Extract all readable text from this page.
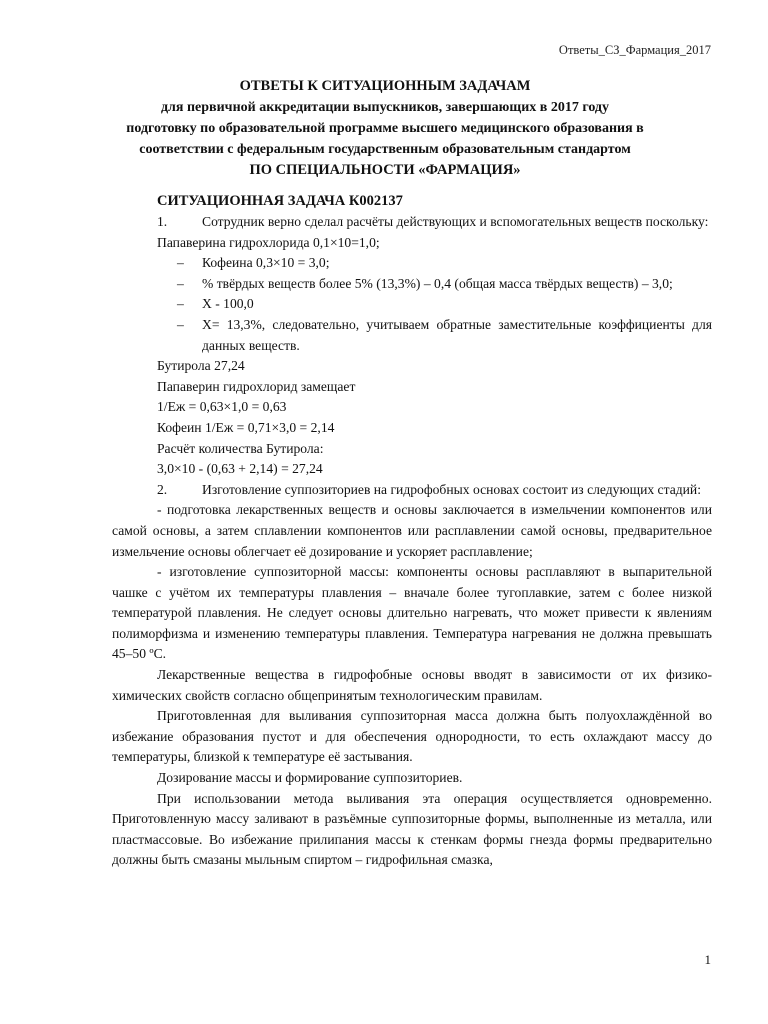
Ответы_СЗ_Фармация_2017
ОТВЕТЫ К СИТУАЦИОННЫМ ЗАДАЧАМ
для первичной аккредитации выпускников, завершающих в 2017 году
подготовку по образовательной программе высшего медицинского образования в
соответствии с федеральным государственным образовательным стандартом
ПО СПЕЦИАЛЬНОСТИ «ФАРМАЦИЯ»
СИТУАЦИОННАЯ ЗАДАЧА К002137

1.	Сотрудник верно сделал расчёты действующих и вспомогательных веществ поскольку:

Папаверина гидрохлорида 0,1×10=1,0;

– Кофеина 0,3×10 = 3,0;

– % твёрдых веществ более 5% (13,3%) – 0,4 (общая масса твёрдых веществ) – 3,0;

– Х - 100,0

– Х= 13,3%, следовательно, учитываем обратные заместительные коэффициенты для данных веществ.

Бутирола 27,24

Папаверин гидрохлорид замещает

1/Еж = 0,63×1,0 = 0,63

Кофеин 1/Еж = 0,71×3,0 = 2,14

Расчёт количества Бутирола:

3,0×10 - (0,63 + 2,14) = 27,24

2.	Изготовление суппозиториев на гидрофобных основах состоит из следующих стадий:

- подготовка лекарственных веществ и основы заключается в измельчении компонентов или самой основы, а затем сплавлении компонентов или расплавлении самой основы, предварительное измельчение основы облегчает её дозирование и ускоряет расплавление;

- изготовление суппозиторной массы: компоненты основы расплавляют в выпарительной чашке с учётом их температуры плавления – вначале более тугоплавкие, затем с более низкой температурой плавления. Не следует основы длительно нагревать, что может привести к явлениям полиморфизма и изменению температуры плавления. Температура нагревания не должна превышать 45–50 ºС.

Лекарственные вещества в гидрофобные основы вводят в зависимости от их физико-химических свойств согласно общепринятым технологическим правилам.

Приготовленная для выливания суппозиторная масса должна быть полуохлаждённой во избежание образования пустот и для обеспечения однородности, то есть охлаждают массу до температуры, близкой к температуре её застывания.

Дозирование массы и формирование суппозиториев.

При использовании метода выливания эта операция осуществляется одновременно. Приготовленную массу заливают в разъёмные суппозиторные формы, выполненные из металла, или пластмассовые. Во избежание прилипания массы к стенкам формы гнезда формы предварительно должны быть смазаны мыльным спиртом – гидрофильная смазка,

1
